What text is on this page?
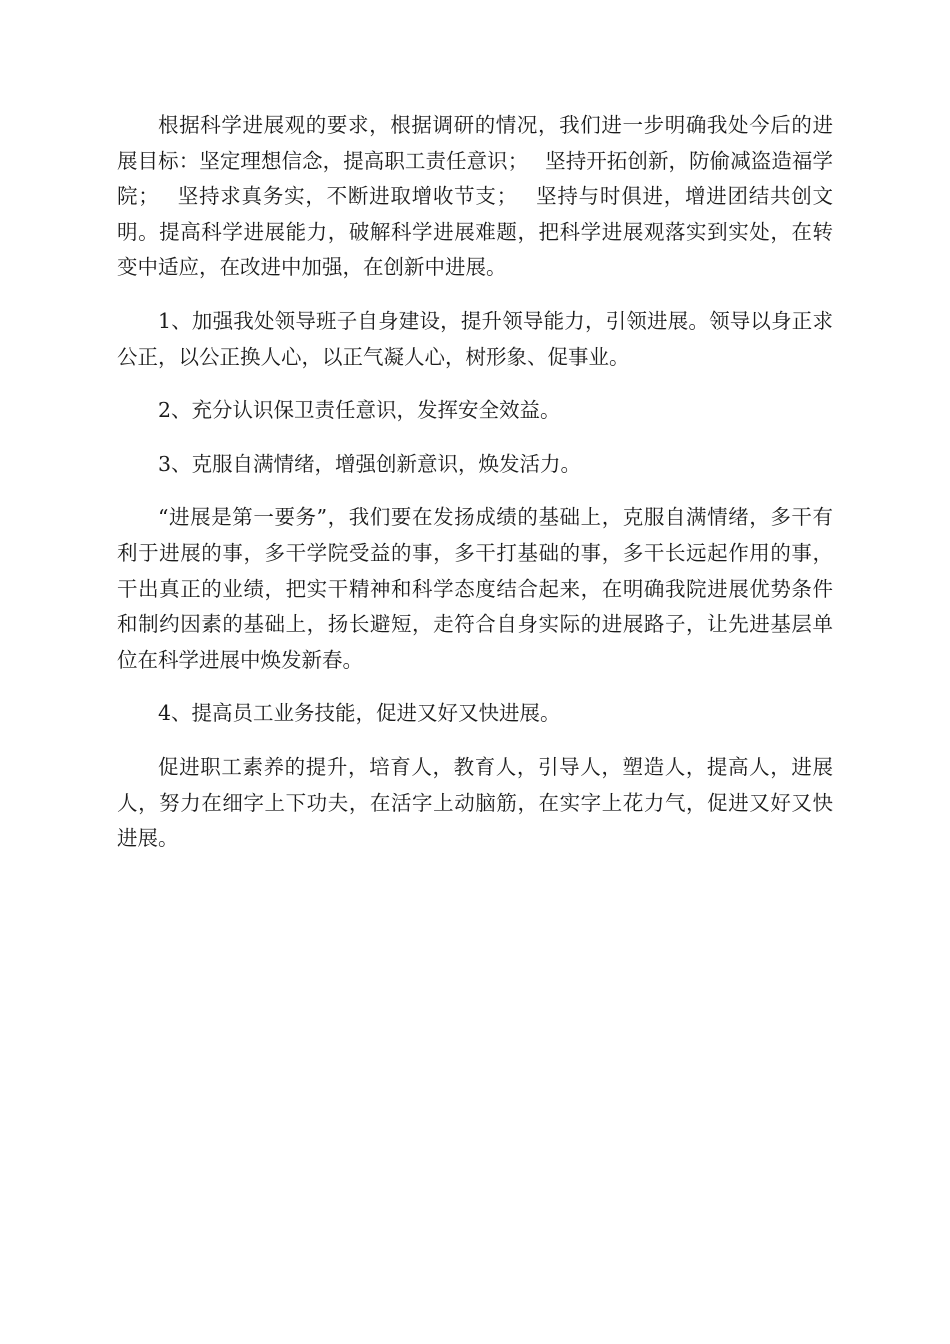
根据科学进展观的要求，根据调研的情况，我们进一步明确我处今后的进展目标：坚定理想信念，提高职工责任意识；　 坚持开拓创新，防偷减盗造福学院；　 坚持求真务实，不断进取增收节支；　 坚持与时俱进，增进团结共创文明。提高科学进展能力，破解科学进展难题，把科学进展观落实到实处，在转变中适应，在改进中加强，在创新中进展。

1、加强我处领导班子自身建设，提升领导能力，引领进展。领导以身正求公正，以公正换人心，以正气凝人心，树形象、促事业。

2、充分认识保卫责任意识，发挥安全效益。

3、克服自满情绪，增强创新意识，焕发活力。

“进展是第一要务”，我们要在发扬成绩的基础上，克服自满情绪，多干有利于进展的事，多干学院受益的事，多干打基础的事，多干长远起作用的事，干出真正的业绩，把实干精神和科学态度结合起来，在明确我院进展优势条件和制约因素的基础上，扬长避短，走符合自身实际的进展路子，让先进基层单位在科学进展中焕发新春。

4、提高员工业务技能，促进又好又快进展。

促进职工素养的提升，培育人，教育人，引导人，塑造人，提高人，进展人，努力在细字上下功夫，在活字上动脑筋，在实字上花力气，促进又好又快进展。
